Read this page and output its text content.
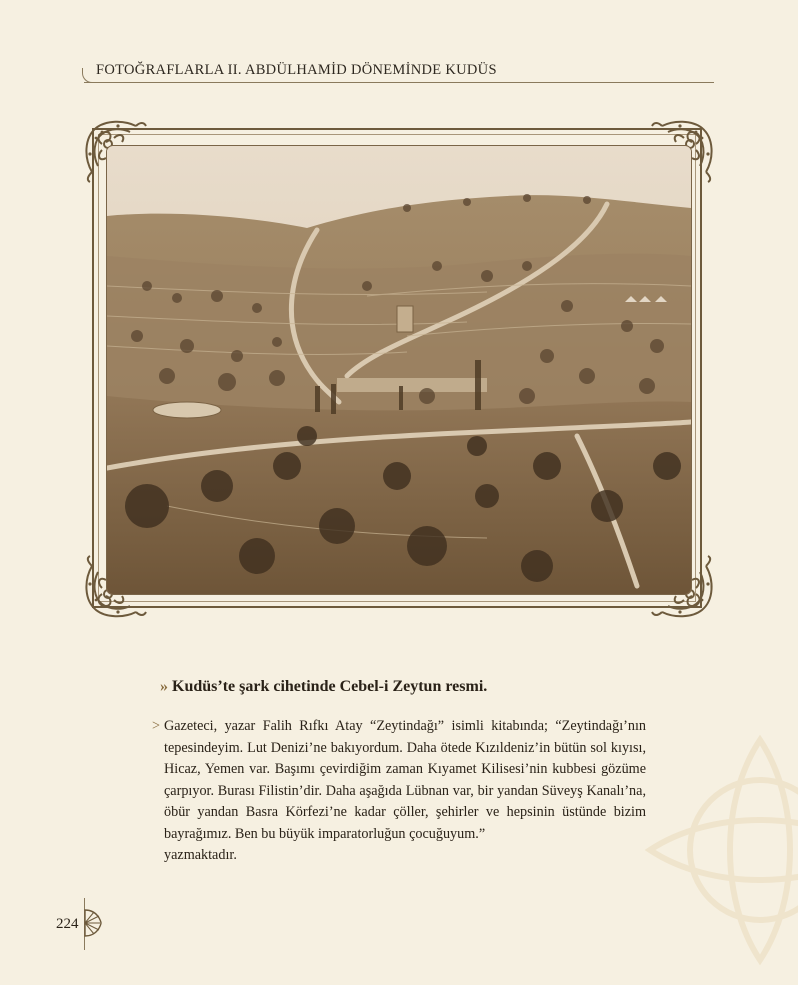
FOTOĞRAFLARLA II. ABDÜLHAMİD DÖNEMİNDE KUDÜS
» Kudüs’te şark cihetinde Cebel-i Zeytun resmi.
> Gazeteci, yazar Falih Rıfkı Atay “Zeytindağı” isimli kitabında; “Zeytindağı’nın tepesindeyim. Lut Denizi’ne bakıyordum. Daha ötede Kızıldeniz’in bütün sol kıyısı, Hicaz, Yemen var. Başımı çevirdiğim zaman Kıyamet Kilisesi’nin kubbesi gözüme çarpıyor. Burası Filistin’dir. Daha aşağıda Lübnan var, bir yandan Süveyş Kanalı’na, öbür yandan Basra Körfezi’ne kadar çöller, şehirler ve hepsinin üstünde bizim bayrağımız. Ben bu büyük imparatorluğun çocuğuyum.”

yazmaktadır.

224
